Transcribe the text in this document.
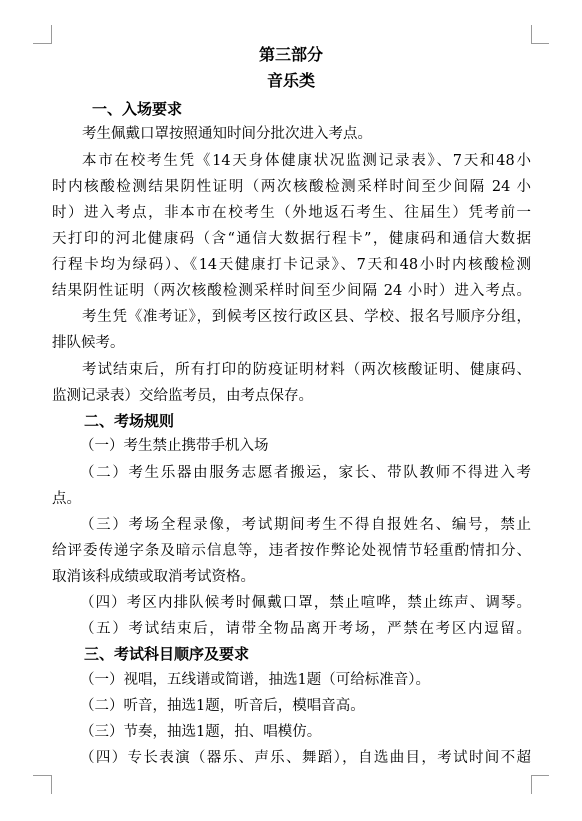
第三部分
音乐类
一、入场要求
考生佩戴口罩按照通知时间分批次进入考点。
本市在校考生凭《14天身体健康状况监测记录表》、7天和48小
时内核酸检测结果阴性证明（两次核酸检测采样时间至少间隔 24 小
时）进入考点，非本市在校考生（外地返石考生、往届生）凭考前一
天打印的河北健康码（含“通信大数据行程卡”，健康码和通信大数据
行程卡均为绿码）、《14天健康打卡记录》、7天和48小时内核酸检测
结果阴性证明（两次核酸检测采样时间至少间隔 24 小时）进入考点。
考生凭《准考证》，到候考区按行政区县、学校、报名号顺序分组，
排队候考。
考试结束后，所有打印的防疫证明材料（两次核酸证明、健康码、
监测记录表）交给监考员，由考点保存。
二、考场规则
（一）考生禁止携带手机入场
（二）考生乐器由服务志愿者搬运，家长、带队教师不得进入考
点。
（三）考场全程录像，考试期间考生不得自报姓名、编号，禁止
给评委传递字条及暗示信息等，违者按作弊论处视情节轻重酌情扣分、
取消该科成绩或取消考试资格。
（四）考区内排队候考时佩戴口罩，禁止喧哗，禁止练声、调琴。
（五）考试结束后，请带全物品离开考场，严禁在考区内逗留。
三、考试科目顺序及要求
（一）视唱，五线谱或简谱，抽选1题（可给标准音）。
（二）听音，抽选1题，听音后，模唱音高。
（三）节奏，抽选1题，拍、唱模仿。
（四）专长表演（器乐、声乐、舞蹈），自选曲目，考试时间不超
